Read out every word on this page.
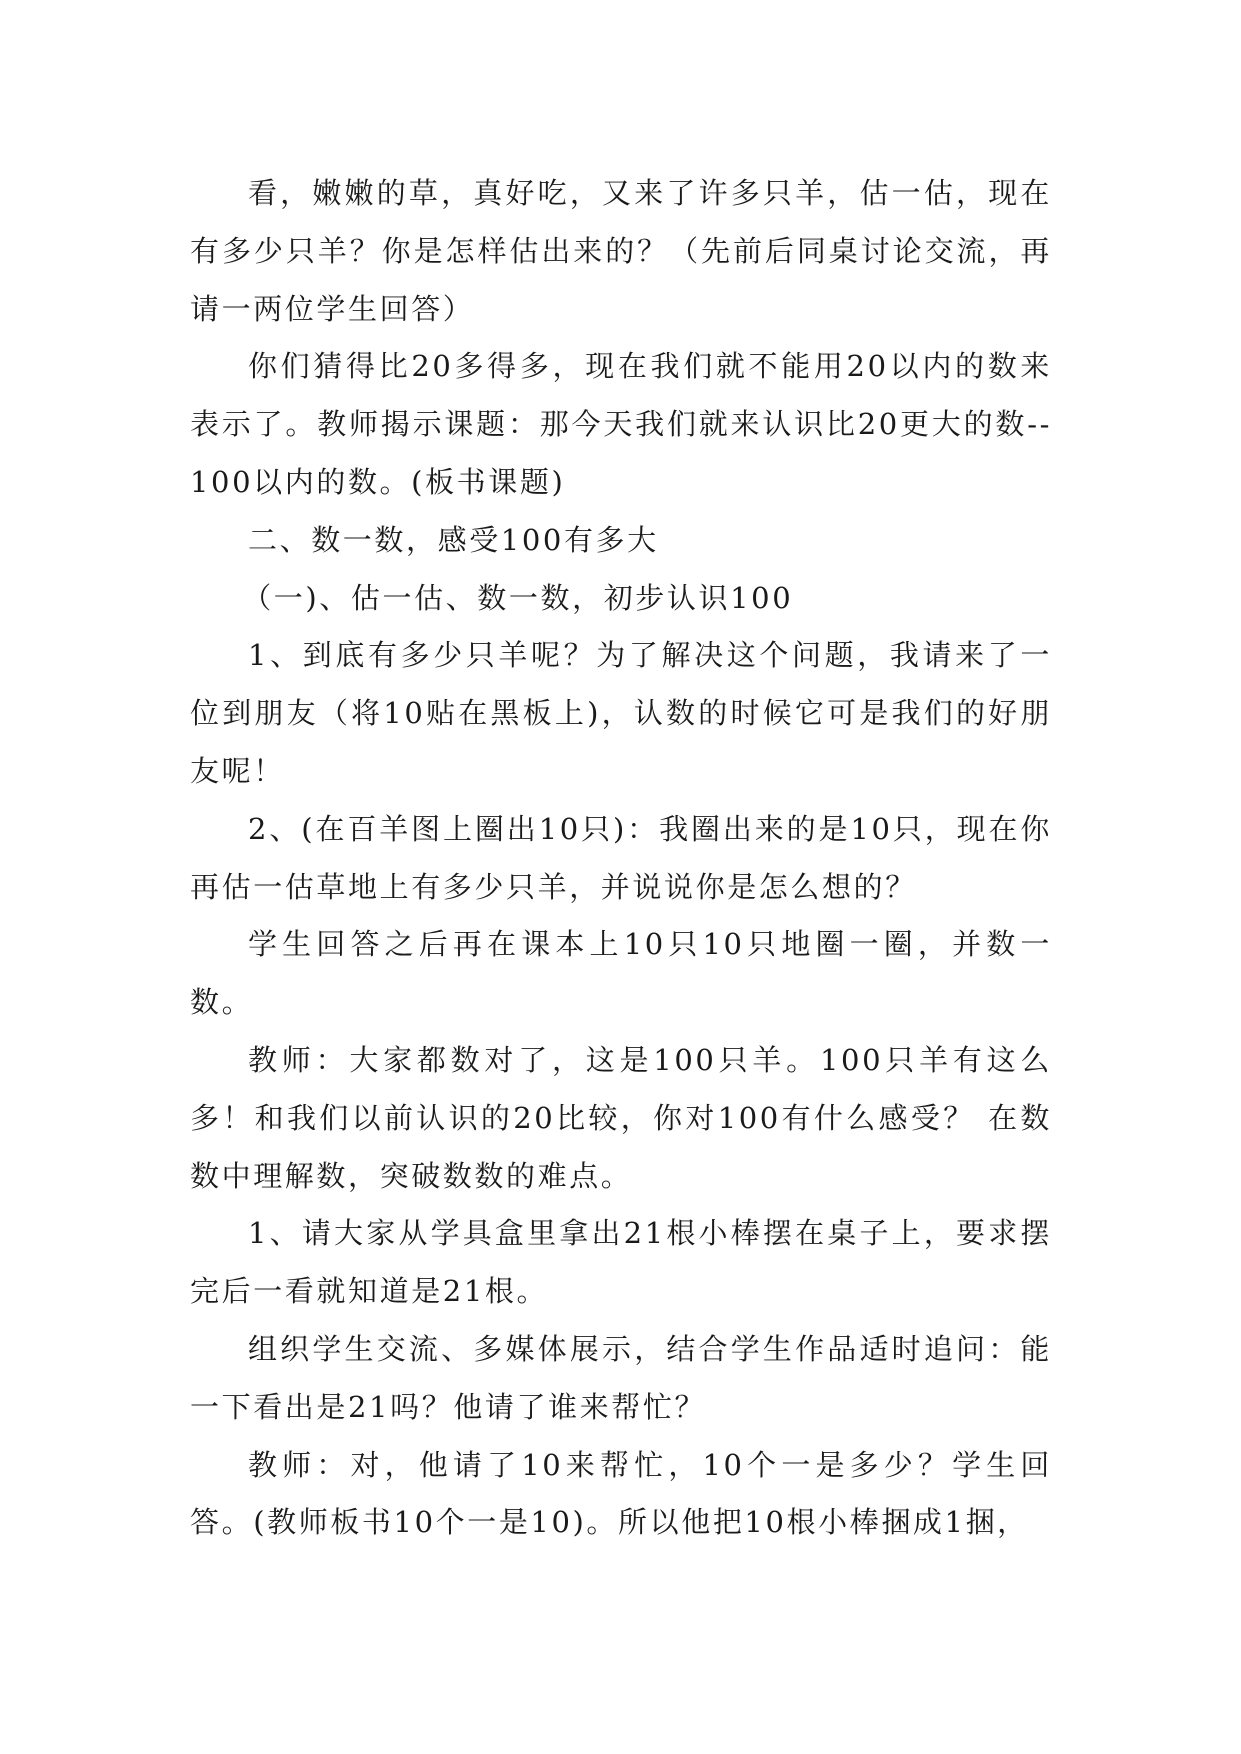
看，嫩嫩的草，真好吃，又来了许多只羊，估一估，现在有多少只羊？你是怎样估出来的？（先前后同桌讨论交流，再请一两位学生回答）

你们猜得比20多得多，现在我们就不能用20以内的数来表示了。教师揭示课题：那今天我们就来认识比20更大的数--100以内的数。(板书课题)

二、数一数，感受100有多大

（一)、估一估、数一数，初步认识100

1、到底有多少只羊呢？为了解决这个问题，我请来了一位到朋友（将10贴在黑板上)，认数的时候它可是我们的好朋友呢！

2、(在百羊图上圈出10只)：我圈出来的是10只，现在你再估一估草地上有多少只羊，并说说你是怎么想的？

学生回答之后再在课本上10只10只地圈一圈，并数一数。

教师：大家都数对了，这是100只羊。100只羊有这么多！和我们以前认识的20比较，你对100有什么感受？ 在数数中理解数，突破数数的难点。

1、请大家从学具盒里拿出21根小棒摆在桌子上，要求摆完后一看就知道是21根。

组织学生交流、多媒体展示，结合学生作品适时追问：能一下看出是21吗？他请了谁来帮忙？

教师：对，他请了10来帮忙，10个一是多少？学生回答。(教师板书10个一是10)。所以他把10根小棒捆成1捆，
